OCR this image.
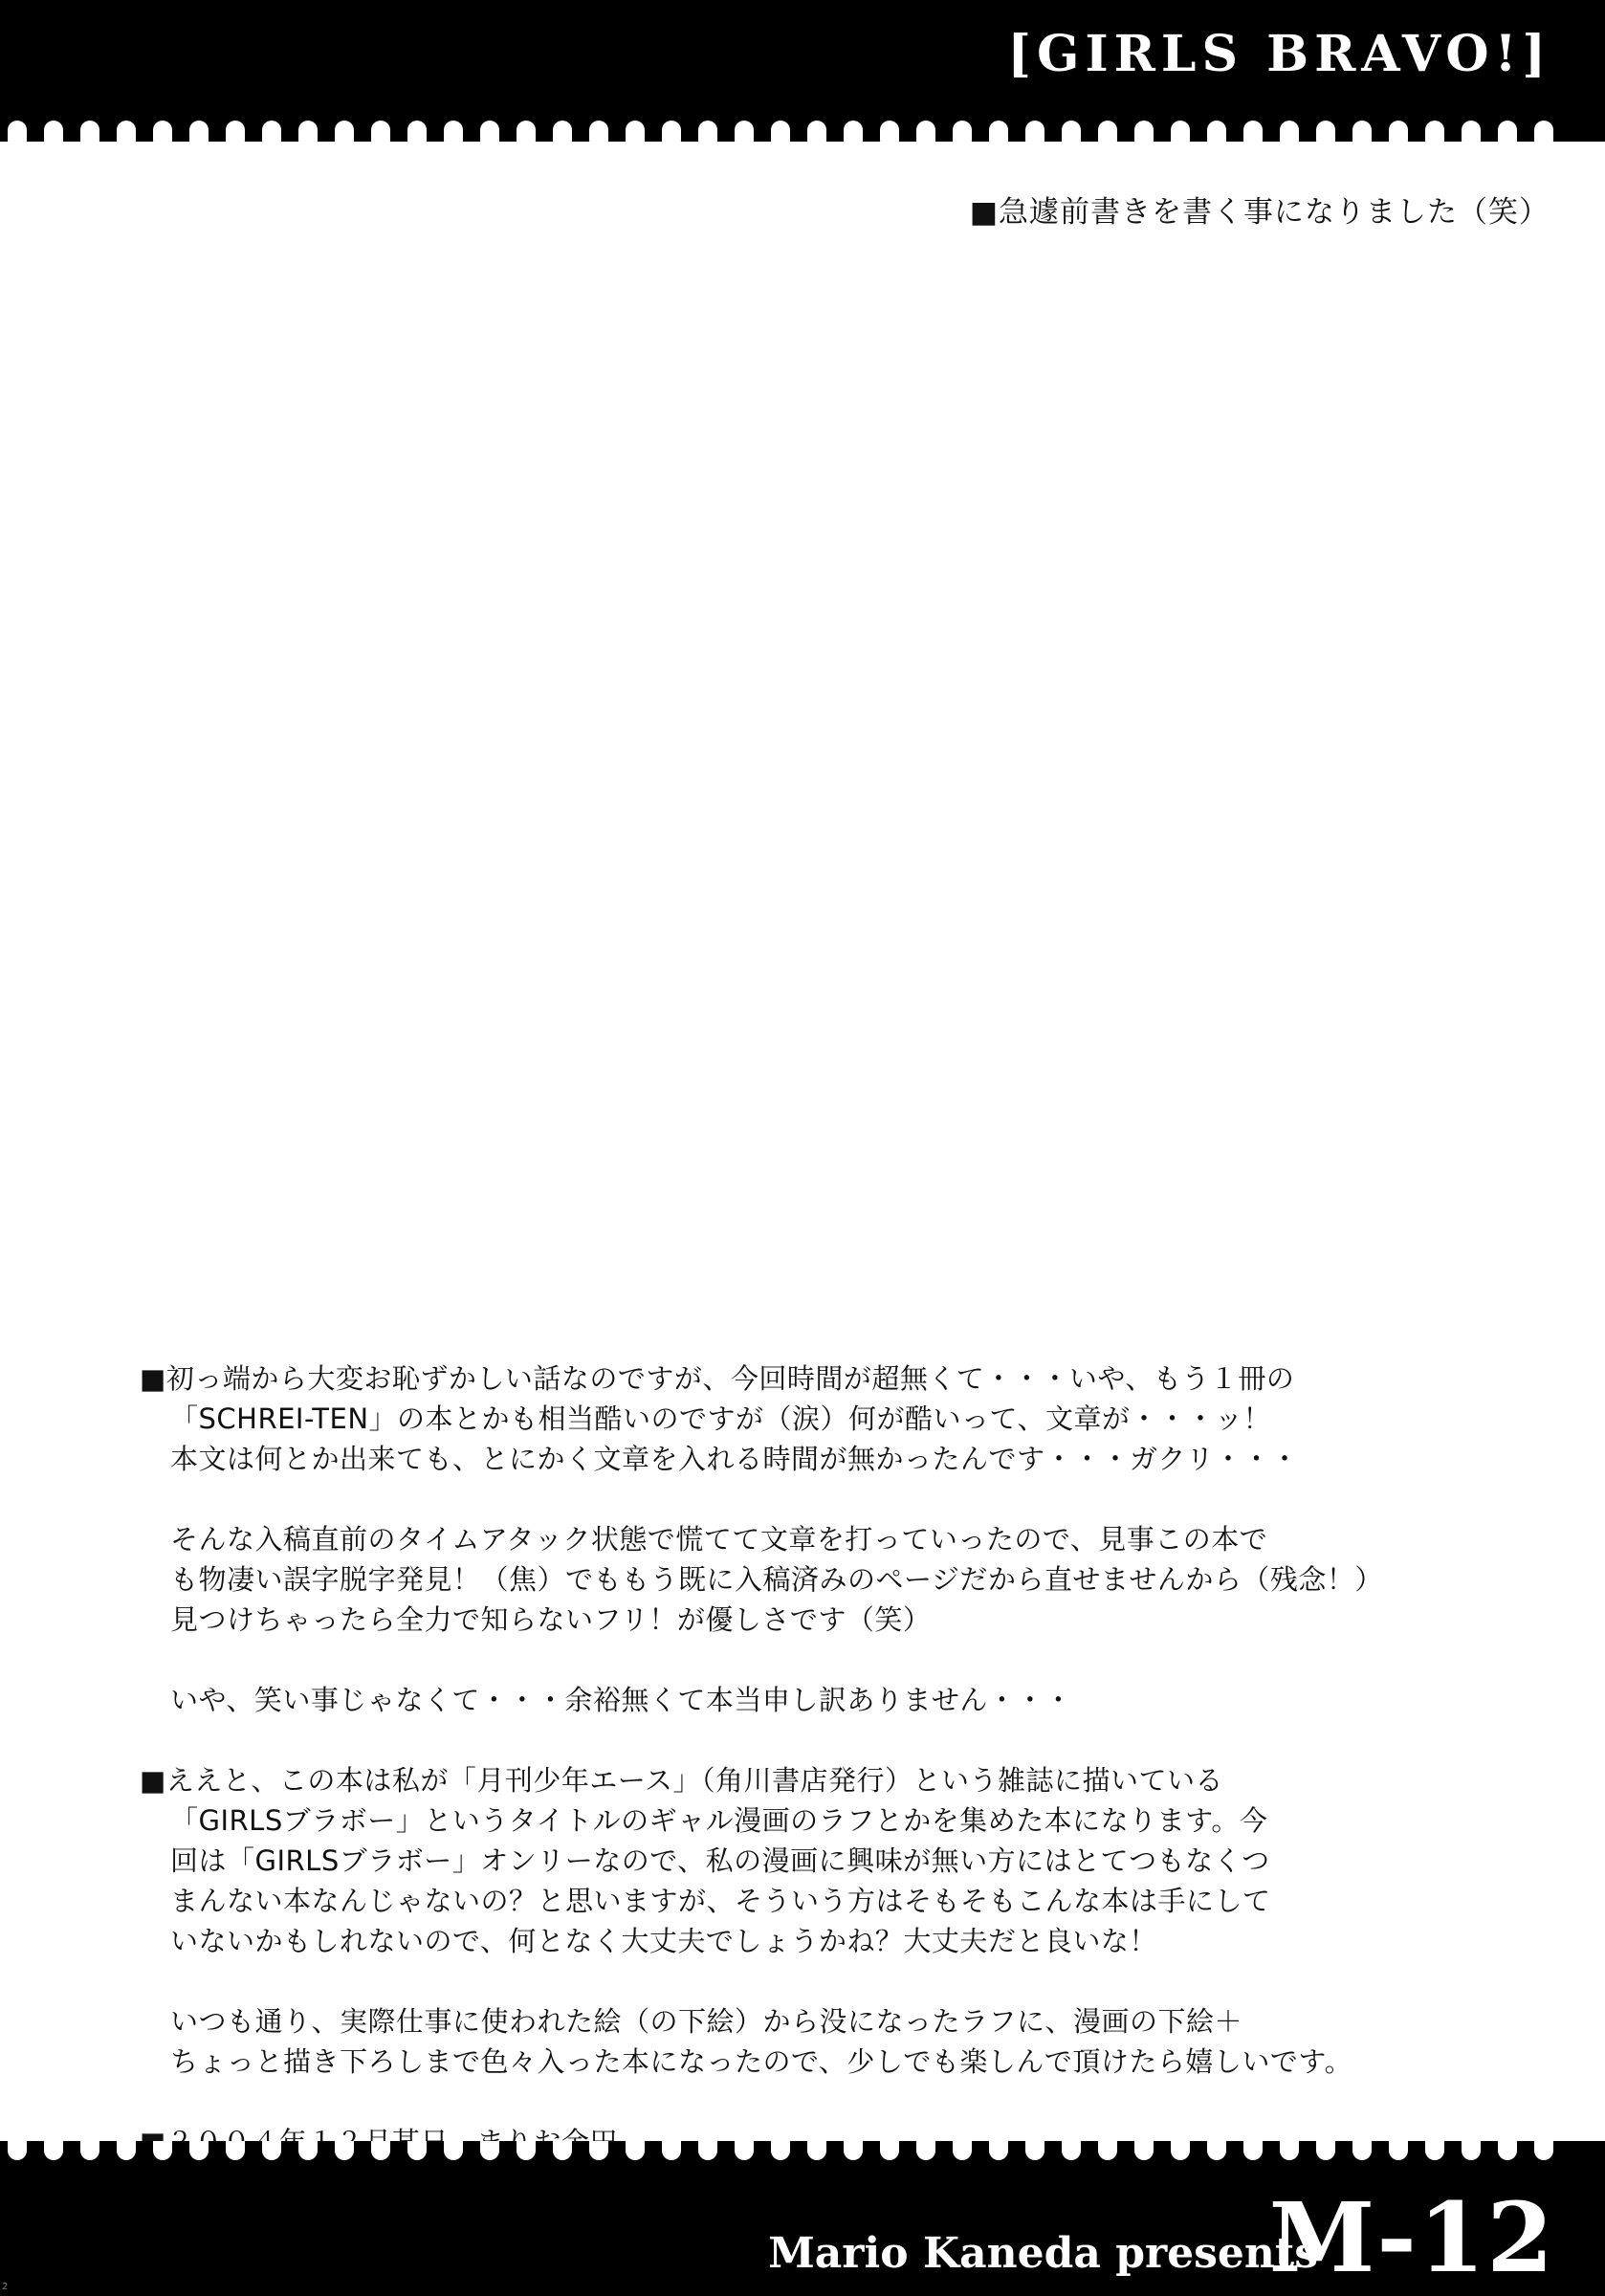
[GIRLS BRAVO!]
■急遽前書きを書く事になりました（笑）
■初っ端から大変お恥ずかしい話なのですが、今回時間が超無くて・・・いや、もう１冊の
「SCHREI-TEN」の本とかも相当酷いのですが（涙）何が酷いって、文章が・・・ッ！
本文は何とか出来ても、とにかく文章を入れる時間が無かったんです・・・ガクリ・・・
そんな入稿直前のタイムアタック状態で慌てて文章を打っていったので、見事この本で
も物凄い誤字脱字発見！（焦）でももう既に入稿済みのページだから直せませんから（残念！）
見つけちゃったら全力で知らないフリ！が優しさです（笑）
いや、笑い事じゃなくて・・・余裕無くて本当申し訳ありません・・・
■ええと、この本は私が「月刊少年エース」（角川書店発行）という雑誌に描いている
「GIRLSブラボー」というタイトルのギャル漫画のラフとかを集めた本になります。今
回は「GIRLSブラボー」オンリーなので、私の漫画に興味が無い方にはとてつもなくつ
まんない本なんじゃないの？と思いますが、そういう方はそもそもこんな本は手にして
いないかもしれないので、何となく大丈夫でしょうかね？大丈夫だと良いな！
いつも通り、実際仕事に使われた絵（の下絵）から没になったラフに、漫画の下絵＋
ちょっと描き下ろしまで色々入った本になったので、少しでも楽しんで頂けたら嬉しいです。
Mario Kaneda presents
M-12
2
